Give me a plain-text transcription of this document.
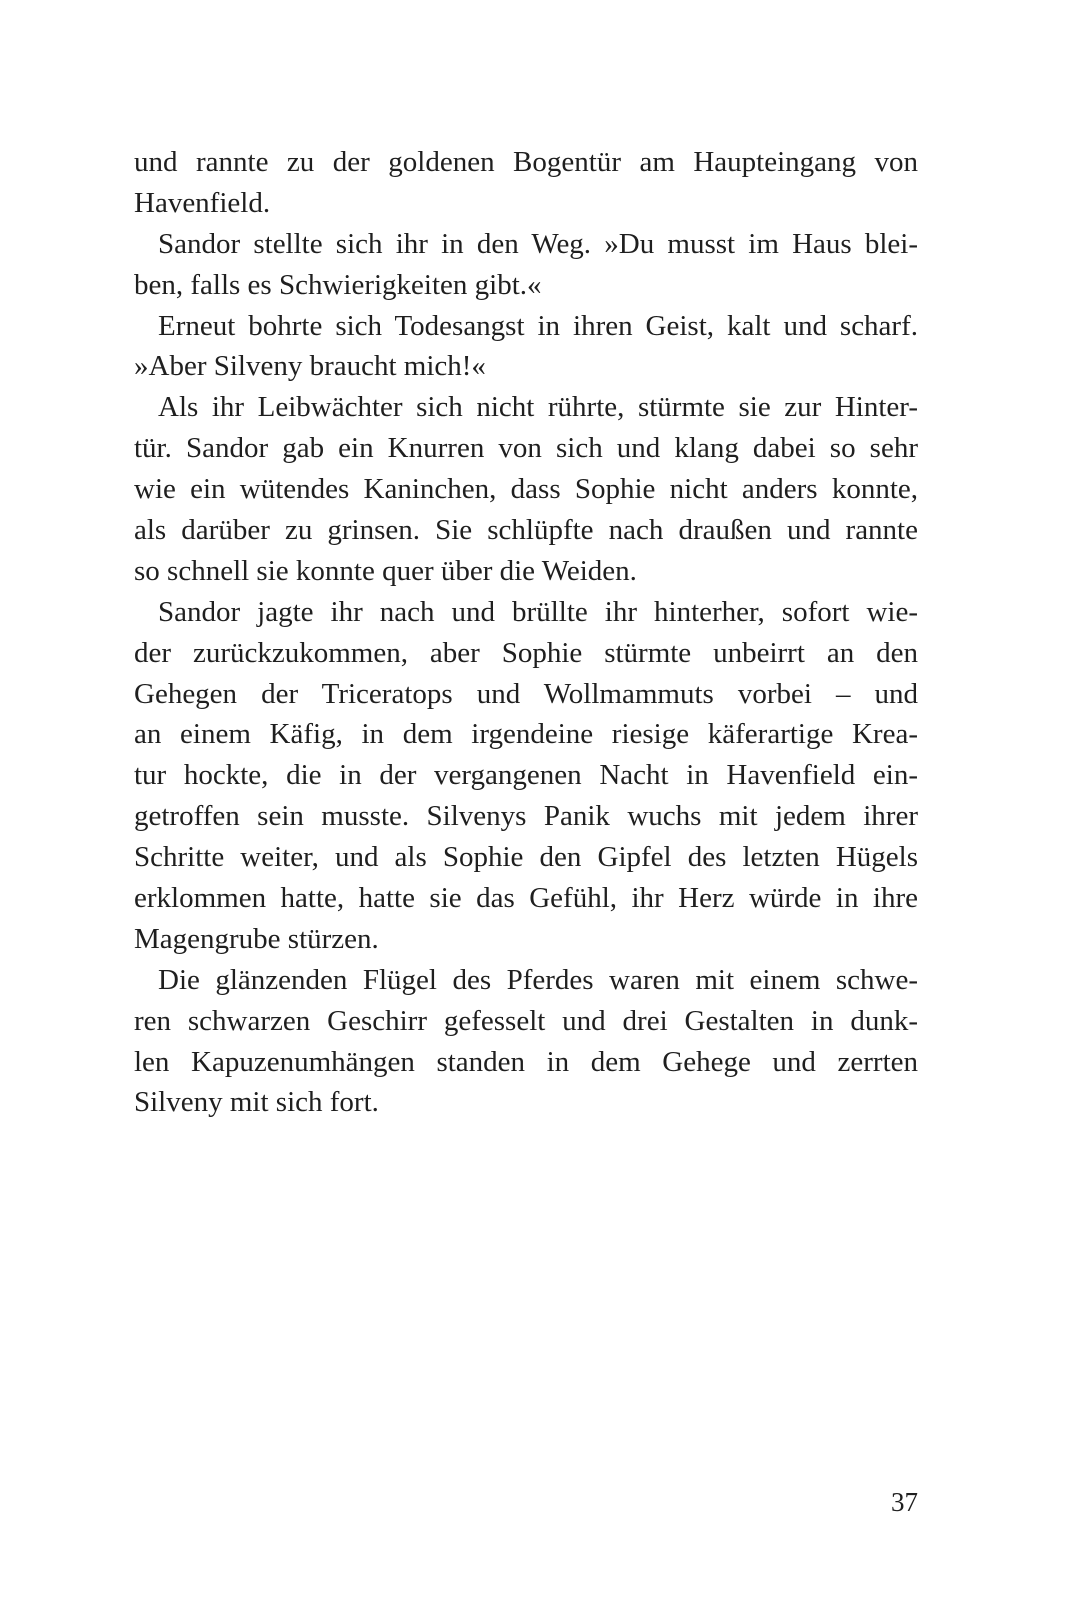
und rannte zu der goldenen Bogentür am Haupteingang von
Havenfield.
Sandor stellte sich ihr in den Weg. »Du musst im Haus blei-
ben, falls es Schwierigkeiten gibt.«
Erneut bohrte sich Todesangst in ihren Geist, kalt und scharf.
»Aber Silveny braucht mich!«
Als ihr Leibwächter sich nicht rührte, stürmte sie zur Hinter-
tür. Sandor gab ein Knurren von sich und klang dabei so sehr
wie ein wütendes Kaninchen, dass Sophie nicht anders konnte,
als darüber zu grinsen. Sie schlüpfte nach draußen und rannte
so schnell sie konnte quer über die Weiden.
Sandor jagte ihr nach und brüllte ihr hinterher, sofort wie-
der zurückzukommen, aber Sophie stürmte unbeirrt an den
Gehegen der Triceratops und Wollmammuts vorbei – und
an einem Käfig, in dem irgendeine riesige käferartige Krea-
tur hockte, die in der vergangenen Nacht in Havenfield ein-
getroffen sein musste. Silvenys Panik wuchs mit jedem ihrer
Schritte weiter, und als Sophie den Gipfel des letzten Hügels
erklommen hatte, hatte sie das Gefühl, ihr Herz würde in ihre
Magengrube stürzen.
Die glänzenden Flügel des Pferdes waren mit einem schwe-
ren schwarzen Geschirr gefesselt und drei Gestalten in dunk-
len Kapuzenumhängen standen in dem Gehege und zerrten
Silveny mit sich fort.
37
